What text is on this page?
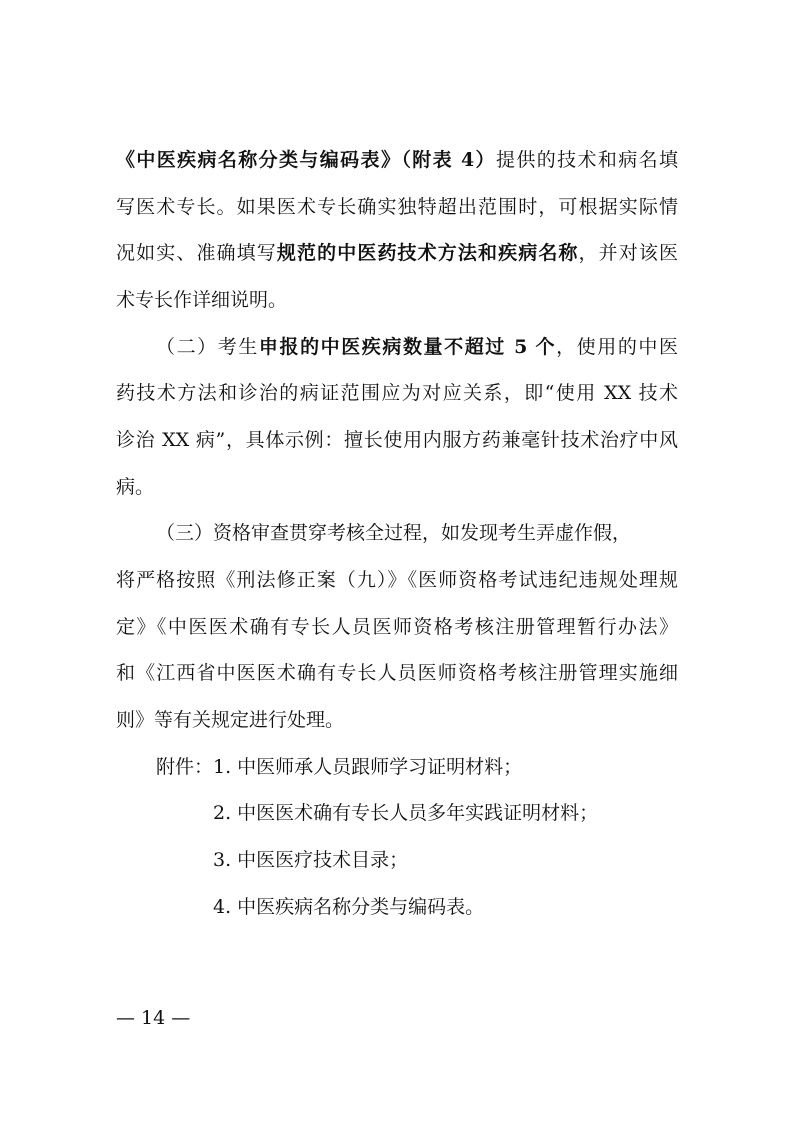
《中医疾病名称分类与编码表》（附表 4）提供的技术和病名填
写医术专长。如果医术专长确实独特超出范围时，可根据实际情
况如实、准确填写规范的中医药技术方法和疾病名称，并对该医
术专长作详细说明。
（二）考生申报的中医疾病数量不超过 5 个，使用的中医
药技术方法和诊治的病证范围应为对应关系，即“使用 XX 技术
诊治 XX 病”，具体示例：擅长使用内服方药兼毫针技术治疗中风
病。
（三）资格审查贯穿考核全过程，如发现考生弄虚作假，
将严格按照《刑法修正案（九）》《医师资格考试违纪违规处理规
定》《中医医术确有专长人员医师资格考核注册管理暂行办法》
和《江西省中医医术确有专长人员医师资格考核注册管理实施细
则》等有关规定进行处理。
附件：1. 中医师承人员跟师学习证明材料；
2. 中医医术确有专长人员多年实践证明材料；
3. 中医医疗技术目录；
4. 中医疾病名称分类与编码表。
— 14 —
